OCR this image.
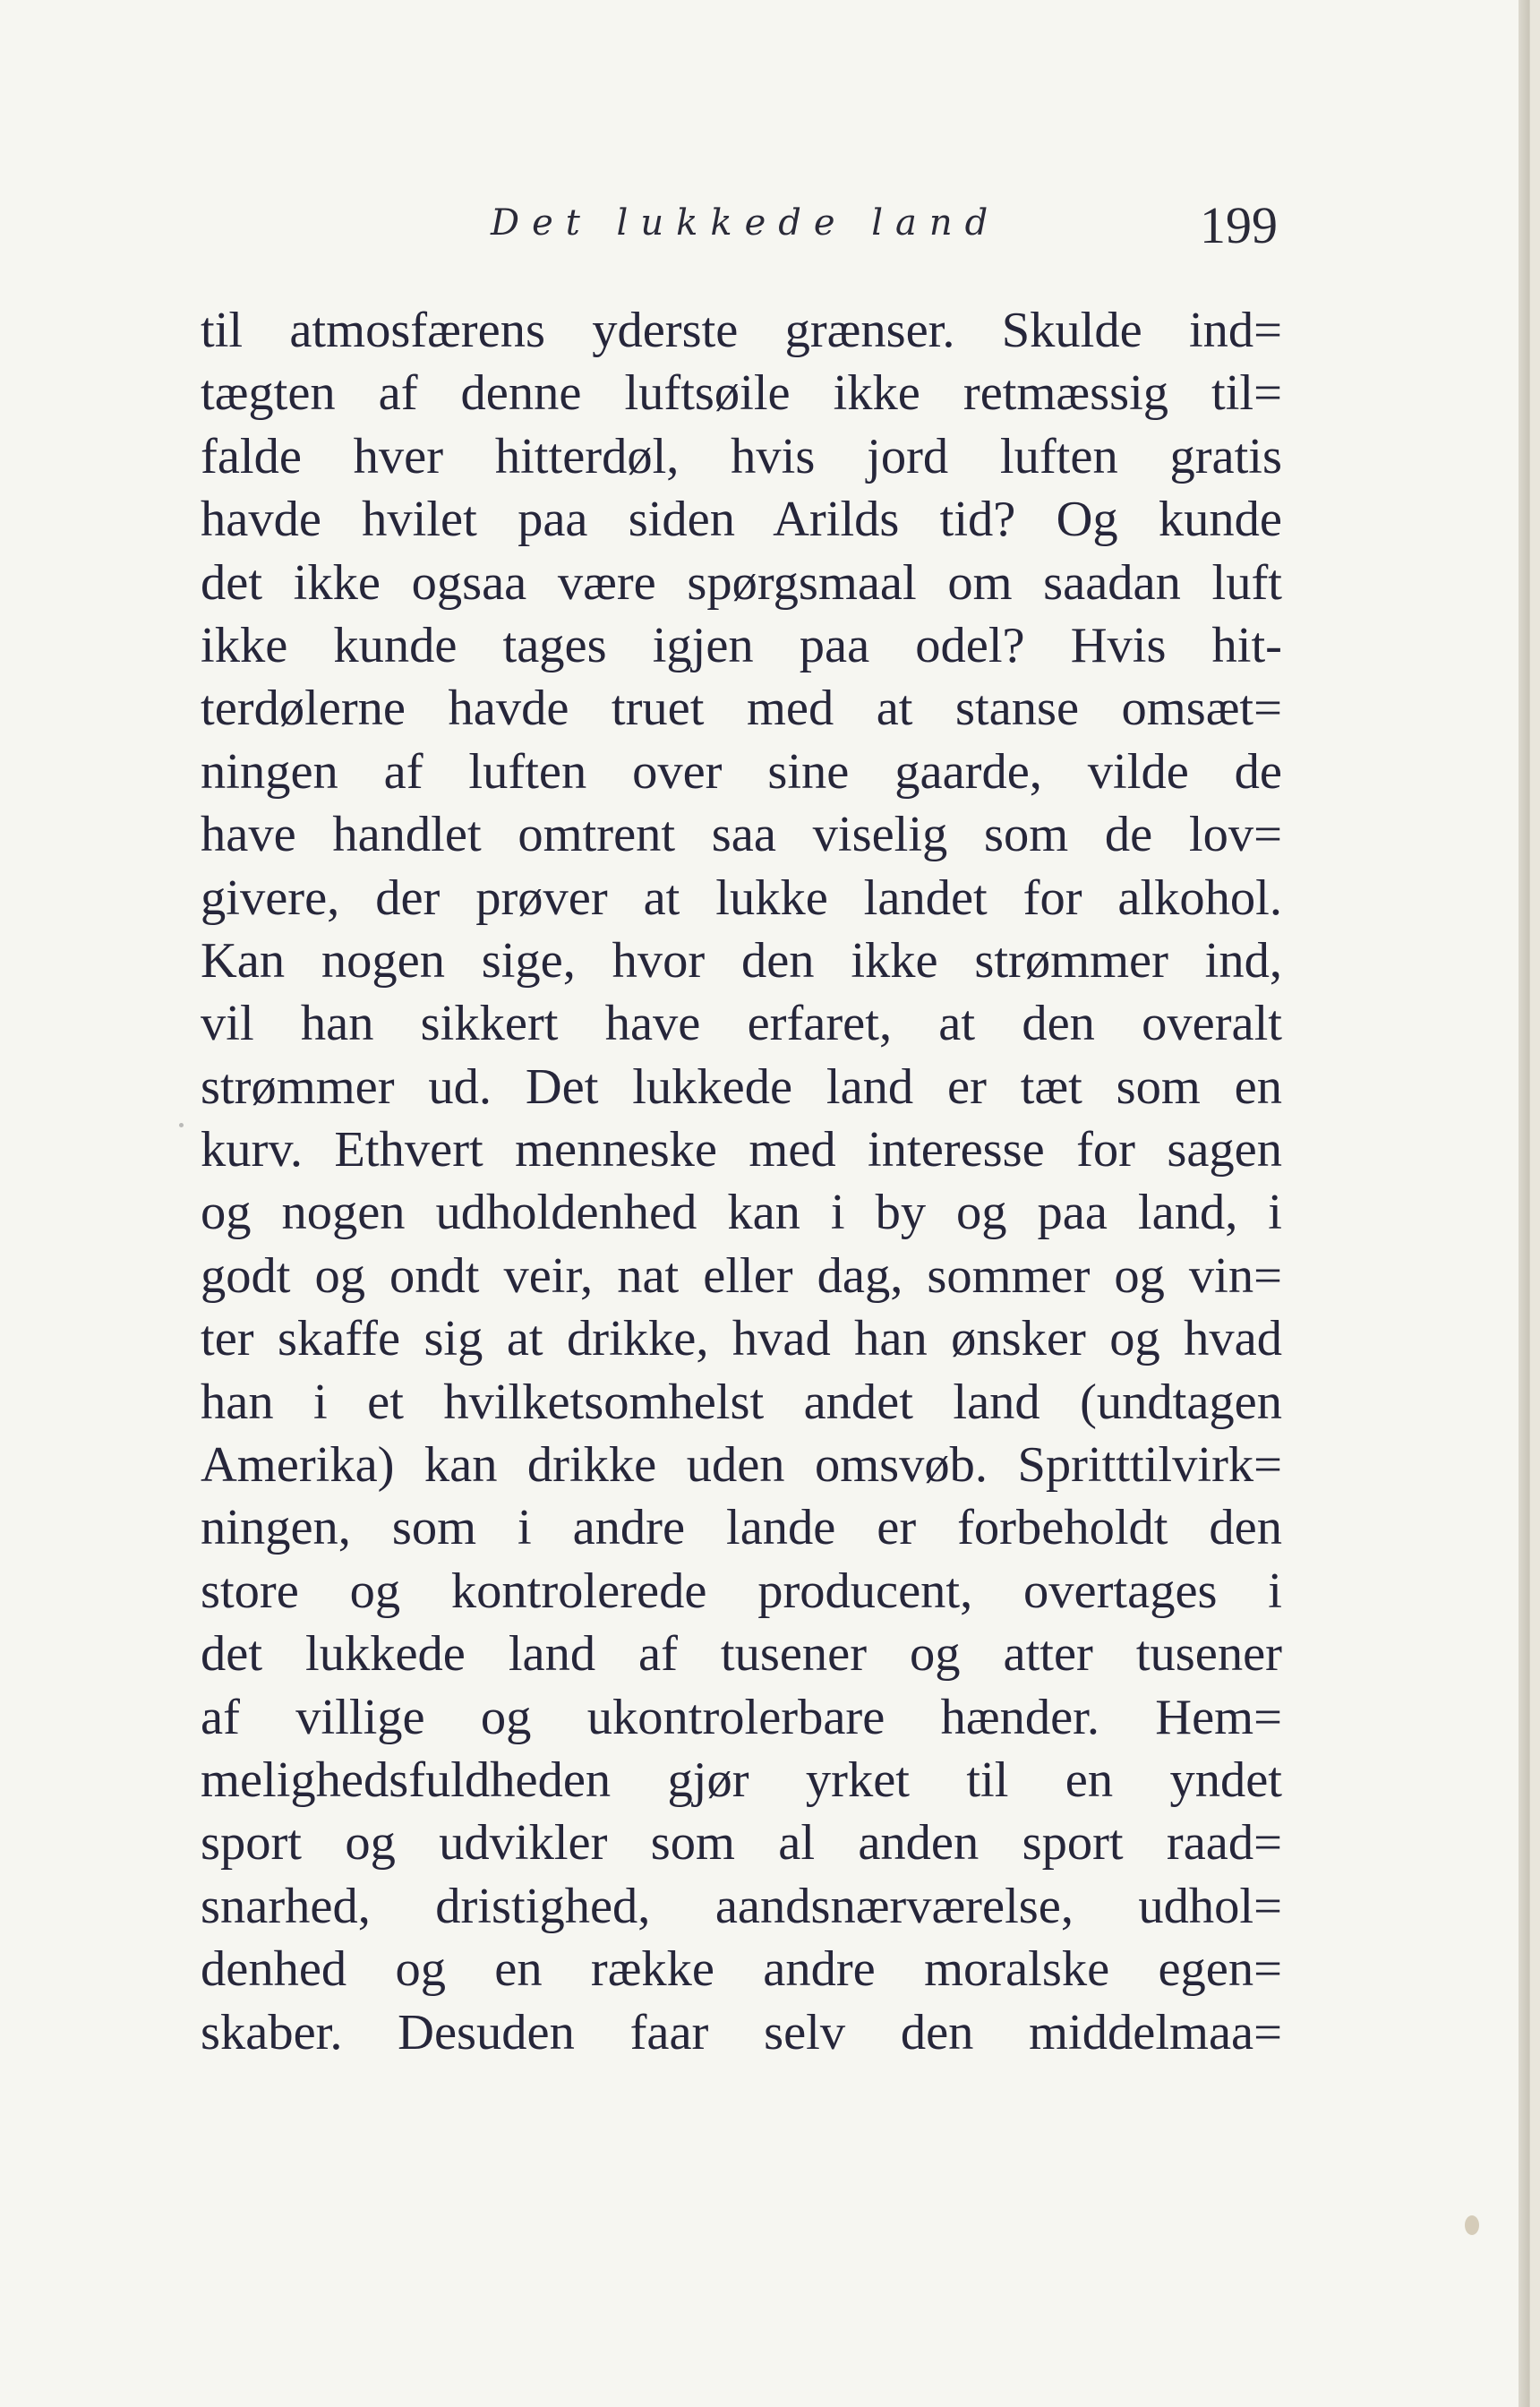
Det lukkede land	199
til atmosfærens yderste grænser. Skulde ind=
tægten af denne luftsøile ikke retmæssig til=
falde hver hitterdøl, hvis jord luften gratis
havde hvilet paa siden Arilds tid? Og kunde
det ikke ogsaa være spørgsmaal om saadan luft
ikke kunde tages igjen paa odel? Hvis hit-
terdølerne havde truet med at stanse omsæt=
ningen af luften over sine gaarde, vilde de
have handlet omtrent saa viselig som de lov=
givere, der prøver at lukke landet for alkohol.
Kan nogen sige, hvor den ikke strømmer ind,
vil han sikkert have erfaret, at den overalt
strømmer ud. Det lukkede land er tæt som en
kurv. Ethvert menneske med interesse for sagen
og nogen udholdenhed kan i by og paa land, i
godt og ondt veir, nat eller dag, sommer og vin=
ter skaffe sig at drikke, hvad han ønsker og hvad
han i et hvilketsomhelst andet land (undtagen
Amerika) kan drikke uden omsvøb. Spritttilvirk=
ningen, som i andre lande er forbeholdt den
store og kontrolerede producent, overtages i
det lukkede land af tusener og atter tusener
af villige og ukontrolerbare hænder. Hem=
melighedsfuldheden gjør yrket til en yndet
sport og udvikler som al anden sport raad=
snarhed, dristighed, aandsnærværelse, udhol=
denhed og en række andre moralske egen=
skaber. Desuden faar selv den middelmaa=
